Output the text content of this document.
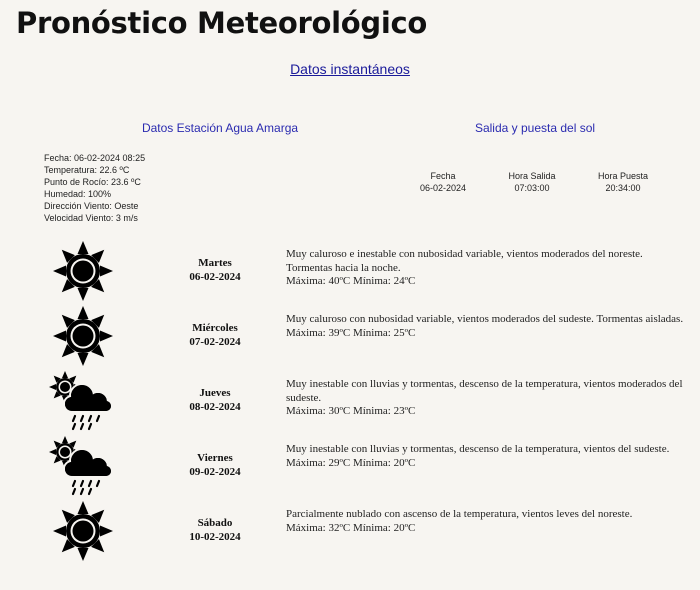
Pronóstico Meteorológico
Datos instantáneos
Datos Estación Agua Amarga	Salida y puesta del sol
Fecha: 06-02-2024 08:25
Temperatura: 22.6 ºC
Punto de Rocío: 23.6 ºC
Humedad: 100%
Dirección Viento: Oeste
Velocidad Viento: 3 m/s
Fecha
06-02-2024
Hora Salida
07:03:00
Hora Puesta
20:34:00
Martes
06-02-2024
Muy caluroso e inestable con nubosidad variable, vientos moderados del noreste. Tormentas hacia la noche.
Máxima: 40ºC Mínima: 24ºC
Miércoles
07-02-2024
Muy caluroso con nubosidad variable, vientos moderados del sudeste. Tormentas aisladas.
Máxima: 39ºC Mínima: 25ºC
Jueves
08-02-2024
Muy inestable con lluvias y tormentas, descenso de la temperatura, vientos moderados del sudeste.
Máxima: 30ºC Mínima: 23ºC
Viernes
09-02-2024
Muy inestable con lluvias y tormentas, descenso de la temperatura, vientos del sudeste.
Máxima: 29ºC Mínima: 20ºC
Sábado
10-02-2024
Parcialmente nublado con ascenso de la temperatura, vientos leves del noreste.
Máxima: 32ºC Mínima: 20ºC
